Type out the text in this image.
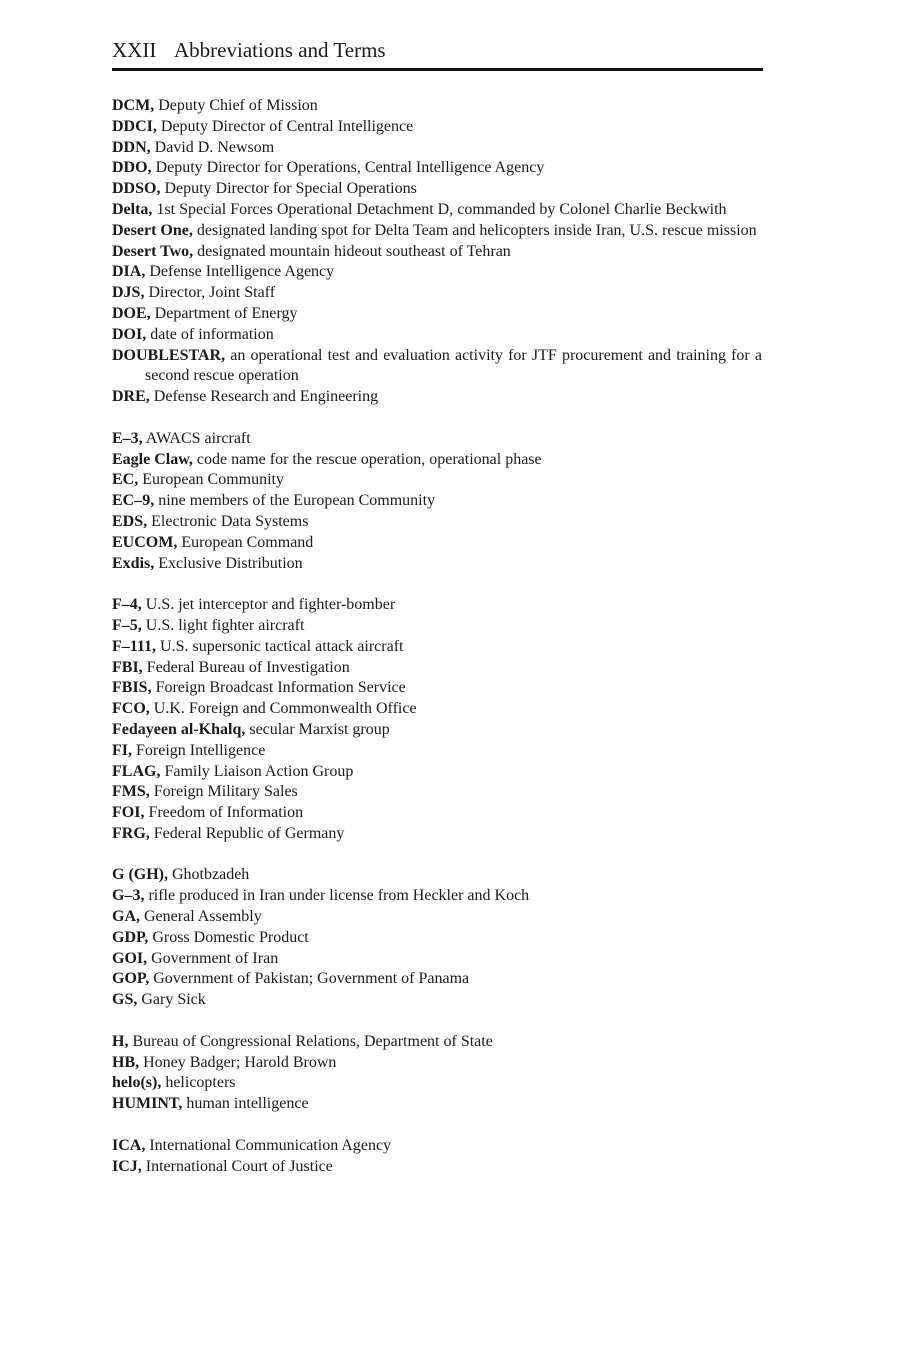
XXII Abbreviations and Terms
DCM, Deputy Chief of Mission
DDCI, Deputy Director of Central Intelligence
DDN, David D. Newsom
DDO, Deputy Director for Operations, Central Intelligence Agency
DDSO, Deputy Director for Special Operations
Delta, 1st Special Forces Operational Detachment D, commanded by Colonel Charlie Beckwith
Desert One, designated landing spot for Delta Team and helicopters inside Iran, U.S. rescue mission
Desert Two, designated mountain hideout southeast of Tehran
DIA, Defense Intelligence Agency
DJS, Director, Joint Staff
DOE, Department of Energy
DOI, date of information
DOUBLESTAR, an operational test and evaluation activity for JTF procurement and training for a second rescue operation
DRE, Defense Research and Engineering
E–3, AWACS aircraft
Eagle Claw, code name for the rescue operation, operational phase
EC, European Community
EC–9, nine members of the European Community
EDS, Electronic Data Systems
EUCOM, European Command
Exdis, Exclusive Distribution
F–4, U.S. jet interceptor and fighter-bomber
F–5, U.S. light fighter aircraft
F–111, U.S. supersonic tactical attack aircraft
FBI, Federal Bureau of Investigation
FBIS, Foreign Broadcast Information Service
FCO, U.K. Foreign and Commonwealth Office
Fedayeen al-Khalq, secular Marxist group
FI, Foreign Intelligence
FLAG, Family Liaison Action Group
FMS, Foreign Military Sales
FOI, Freedom of Information
FRG, Federal Republic of Germany
G (GH), Ghotbzadeh
G–3, rifle produced in Iran under license from Heckler and Koch
GA, General Assembly
GDP, Gross Domestic Product
GOI, Government of Iran
GOP, Government of Pakistan; Government of Panama
GS, Gary Sick
H, Bureau of Congressional Relations, Department of State
HB, Honey Badger; Harold Brown
helo(s), helicopters
HUMINT, human intelligence
ICA, International Communication Agency
ICJ, International Court of Justice
